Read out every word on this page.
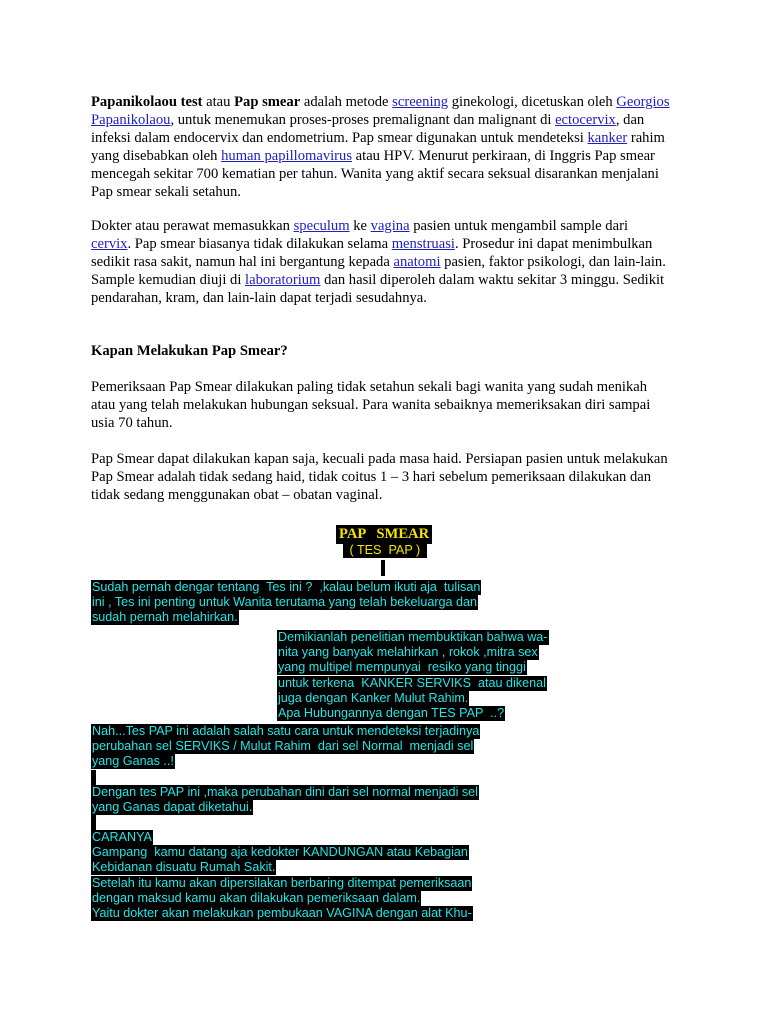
Papanikolaou test atau Pap smear adalah metode screening ginekologi, dicetuskan oleh Georgios Papanikolaou, untuk menemukan proses-proses premalignant dan malignant di ectocervix, dan infeksi dalam endocervix dan endometrium. Pap smear digunakan untuk mendeteksi kanker rahim yang disebabkan oleh human papillomavirus atau HPV. Menurut perkiraan, di Inggris Pap smear mencegah sekitar 700 kematian per tahun. Wanita yang aktif secara seksual disarankan menjalani Pap smear sekali setahun.

Dokter atau perawat memasukkan speculum ke vagina pasien untuk mengambil sample dari cervix. Pap smear biasanya tidak dilakukan selama menstruasi. Prosedur ini dapat menimbulkan sedikit rasa sakit, namun hal ini bergantung kepada anatomi pasien, faktor psikologi, dan lain-lain. Sample kemudian diuji di laboratorium dan hasil diperoleh dalam waktu sekitar 3 minggu. Sedikit pendarahan, kram, dan lain-lain dapat terjadi sesudahnya.

Kapan Melakukan Pap Smear?

Pemeriksaan Pap Smear dilakukan paling tidak setahun sekali bagi wanita yang sudah menikah atau yang telah melakukan hubungan seksual. Para wanita sebaiknya memeriksakan diri sampai usia 70 tahun.

Pap Smear dapat dilakukan kapan saja, kecuali pada masa haid. Persiapan pasien untuk melakukan Pap Smear adalah tidak sedang haid, tidak coitus 1 – 3 hari sebelum pemeriksaan dilakukan dan tidak sedang menggunakan obat – obatan vaginal.

PAP   SMEAR
( TES  PAP )
Sudah pernah dengar tentang  Tes ini ?  ,kalau belum ikuti aja  tulisan
ini , Tes ini penting untuk Wanita terutama yang telah bekeluarga dan
sudah pernah melahirkan.
Demikianlah penelitian membuktikan bahwa wa-
nita yang banyak melahirkan , rokok ,mitra sex
yang multipel mempunyai  resiko yang tinggi
untuk terkena  KANKER SERVIKS  atau dikenal
juga dengan Kanker Mulut Rahim.
Apa Hubungannya dengan TES PAP  ..?
Nah...Tes PAP ini adalah salah satu cara untuk mendeteksi terjadinya
perubahan sel SERVIKS / Mulut Rahim  dari sel Normal  menjadi sel
yang Ganas ..!
Dengan tes PAP ini ,maka perubahan dini dari sel normal menjadi sel
yang Ganas dapat diketahui.
CARANYA
Gampang  kamu datang aja kedokter KANDUNGAN atau Kebagian
Kebidanan disuatu Rumah Sakit.
Setelah itu kamu akan dipersilakan berbaring ditempat pemeriksaan
dengan maksud kamu akan dilakukan pemeriksaan dalam.
Yaitu dokter akan melakukan pembukaan VAGINA dengan alat Khu-
